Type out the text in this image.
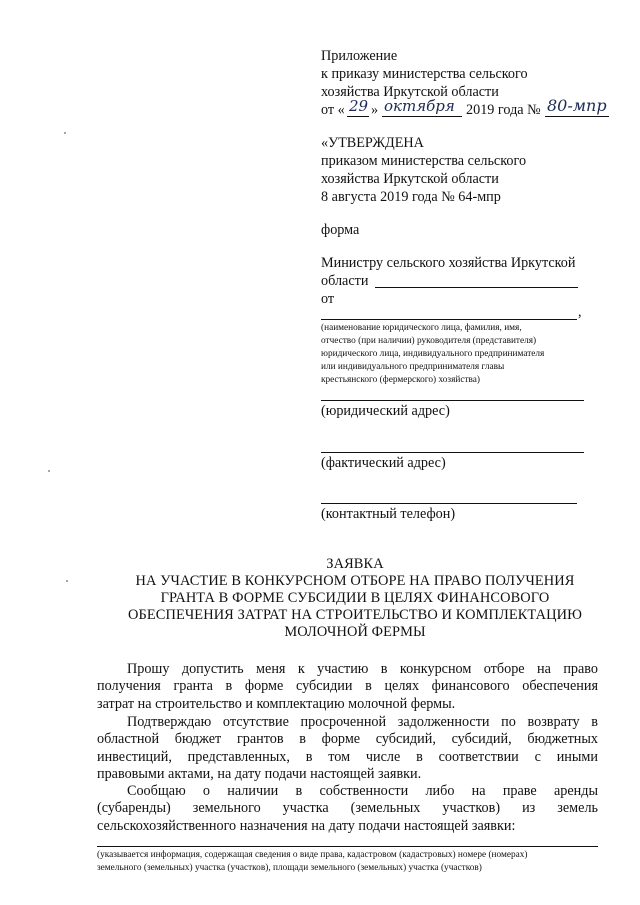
Приложение
к приказу министерства сельского
хозяйства Иркутской области
от « 29 » октября 2019 года № 80-мпр
«УТВЕРЖДЕНА
приказом министерства сельского
хозяйства Иркутской области
8 августа 2019 года № 64-мпр
форма
Министру сельского хозяйства Иркутской
области
от
,
(наименование юридического лица, фамилия, имя,
отчество (при наличии) руководителя (представителя)
юридического лица, индивидуального предпринимателя
или индивидуального предпринимателя главы
крестьянского (фермерского) хозяйства)
(юридический адрес)
(фактический адрес)
(контактный телефон)
ЗАЯВКА
НА УЧАСТИЕ В КОНКУРСНОМ ОТБОРЕ НА ПРАВО ПОЛУЧЕНИЯ
ГРАНТА В ФОРМЕ СУБСИДИИ В ЦЕЛЯХ ФИНАНСОВОГО
ОБЕСПЕЧЕНИЯ ЗАТРАТ НА СТРОИТЕЛЬСТВО И КОМПЛЕКТАЦИЮ
МОЛОЧНОЙ ФЕРМЫ
Прошу допустить меня к участию в конкурсном отборе на право
получения гранта в форме субсидии в целях финансового обеспечения
затрат на строительство и комплектацию молочной фермы.
Подтверждаю отсутствие просроченной задолженности по возврату в
областной бюджет грантов в форме субсидий, субсидий, бюджетных
инвестиций, представленных, в том числе в соответствии с иными
правовыми актами, на дату подачи настоящей заявки.
Сообщаю о наличии в собственности либо на праве аренды
(субаренды) земельного участка (земельных участков) из земель
сельскохозяйственного назначения на дату подачи настоящей заявки:
(указывается информация, содержащая сведения о виде права, кадастровом (кадастровых) номере (номерах)
земельного (земельных) участка (участков), площади земельного (земельных) участка (участков)
